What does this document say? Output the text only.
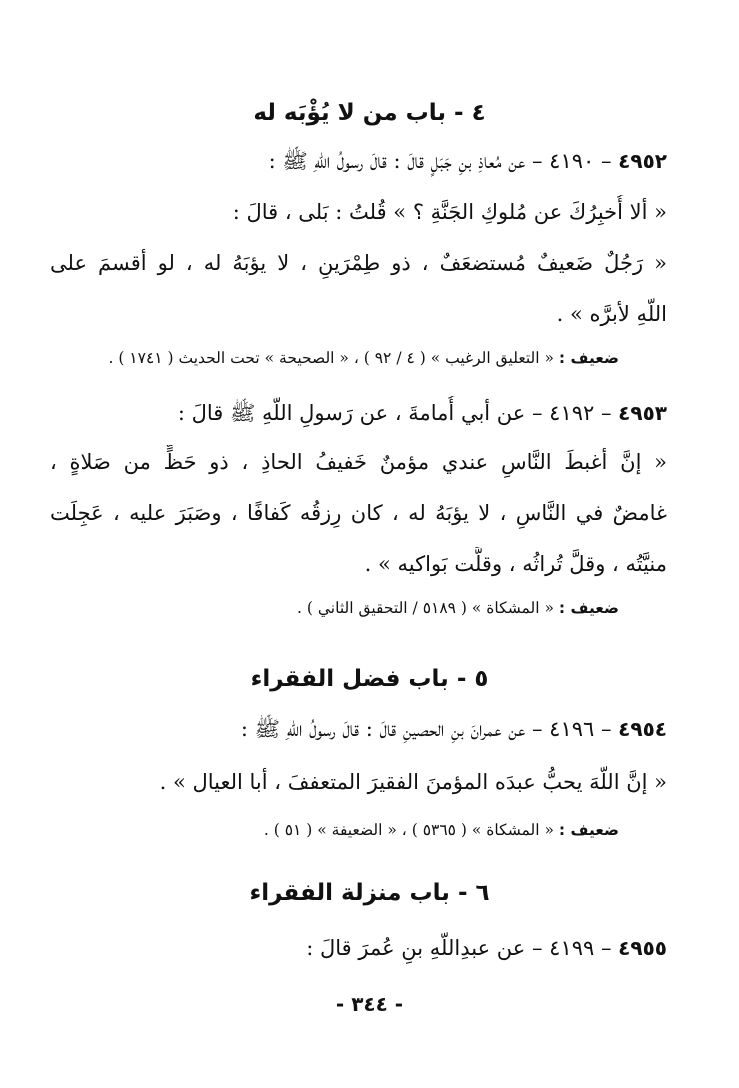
٤ - باب من لا يُؤْبَه له
٤٩٥٢ – ٤١٩٠ – عن مُعاذِ بنِ جَبَلٍ قالَ : قالَ رسولُ اللّهِ ﷺ :
« ألا أُخبِرُكَ عن مُلوكِ الجَنَّةِ ؟ » قُلتُ : بَلى ، قالَ :
« رَجُلٌ ضَعيفٌ مُستضعَفٌ ، ذو طِمْرَينِ ، لا يؤبَهُ له ، لو أقسمَ على
اللّهِ لأبرَّه » .
ضعيف : « التعليق الرغيب » ( ٤ / ٩٢ ) ، « الصحيحة » تحت الحديث ( ١٧٤١ ) .
٤٩٥٣ – ٤١٩٢ – عن أبي أُمامةَ ، عن رَسولِ اللّهِ ﷺ قالَ :
« إنَّ أغبطَ النَّاسِ عندي مؤمنٌ خَفيفُ الحاذِ ، ذو حَظٍّ من صَلاةٍ ،
غامضٌ في النَّاسِ ، لا يؤبَهُ له ، كان رِزقُه كَفافًا ، وصَبَرَ عليه ، عَجِلَت
منيَّتُه ، وقلَّ تُراثُه ، وقلَّت بَواكيه » .
ضعيف : « المشكاة » ( ٥١٨٩ / التحقيق الثاني ) .
٥ - باب فضل الفقراء
٤٩٥٤ – ٤١٩٦ – عن عمرانَ بنِ الحصينِ قالَ : قالَ رسولُ اللّهِ ﷺ :
« إنَّ اللّهَ يحبُّ عبدَه المؤمنَ الفقيرَ المتعففَ ، أبا العيال » .
ضعيف : « المشكاة » ( ٥٣٦٥ ) ، « الضعيفة » ( ٥١ ) .
٦ - باب منزلة الفقراء
٤٩٥٥ – ٤١٩٩ – عن عبدِاللّهِ بنِ عُمرَ قالَ :
- ٣٤٤ -
